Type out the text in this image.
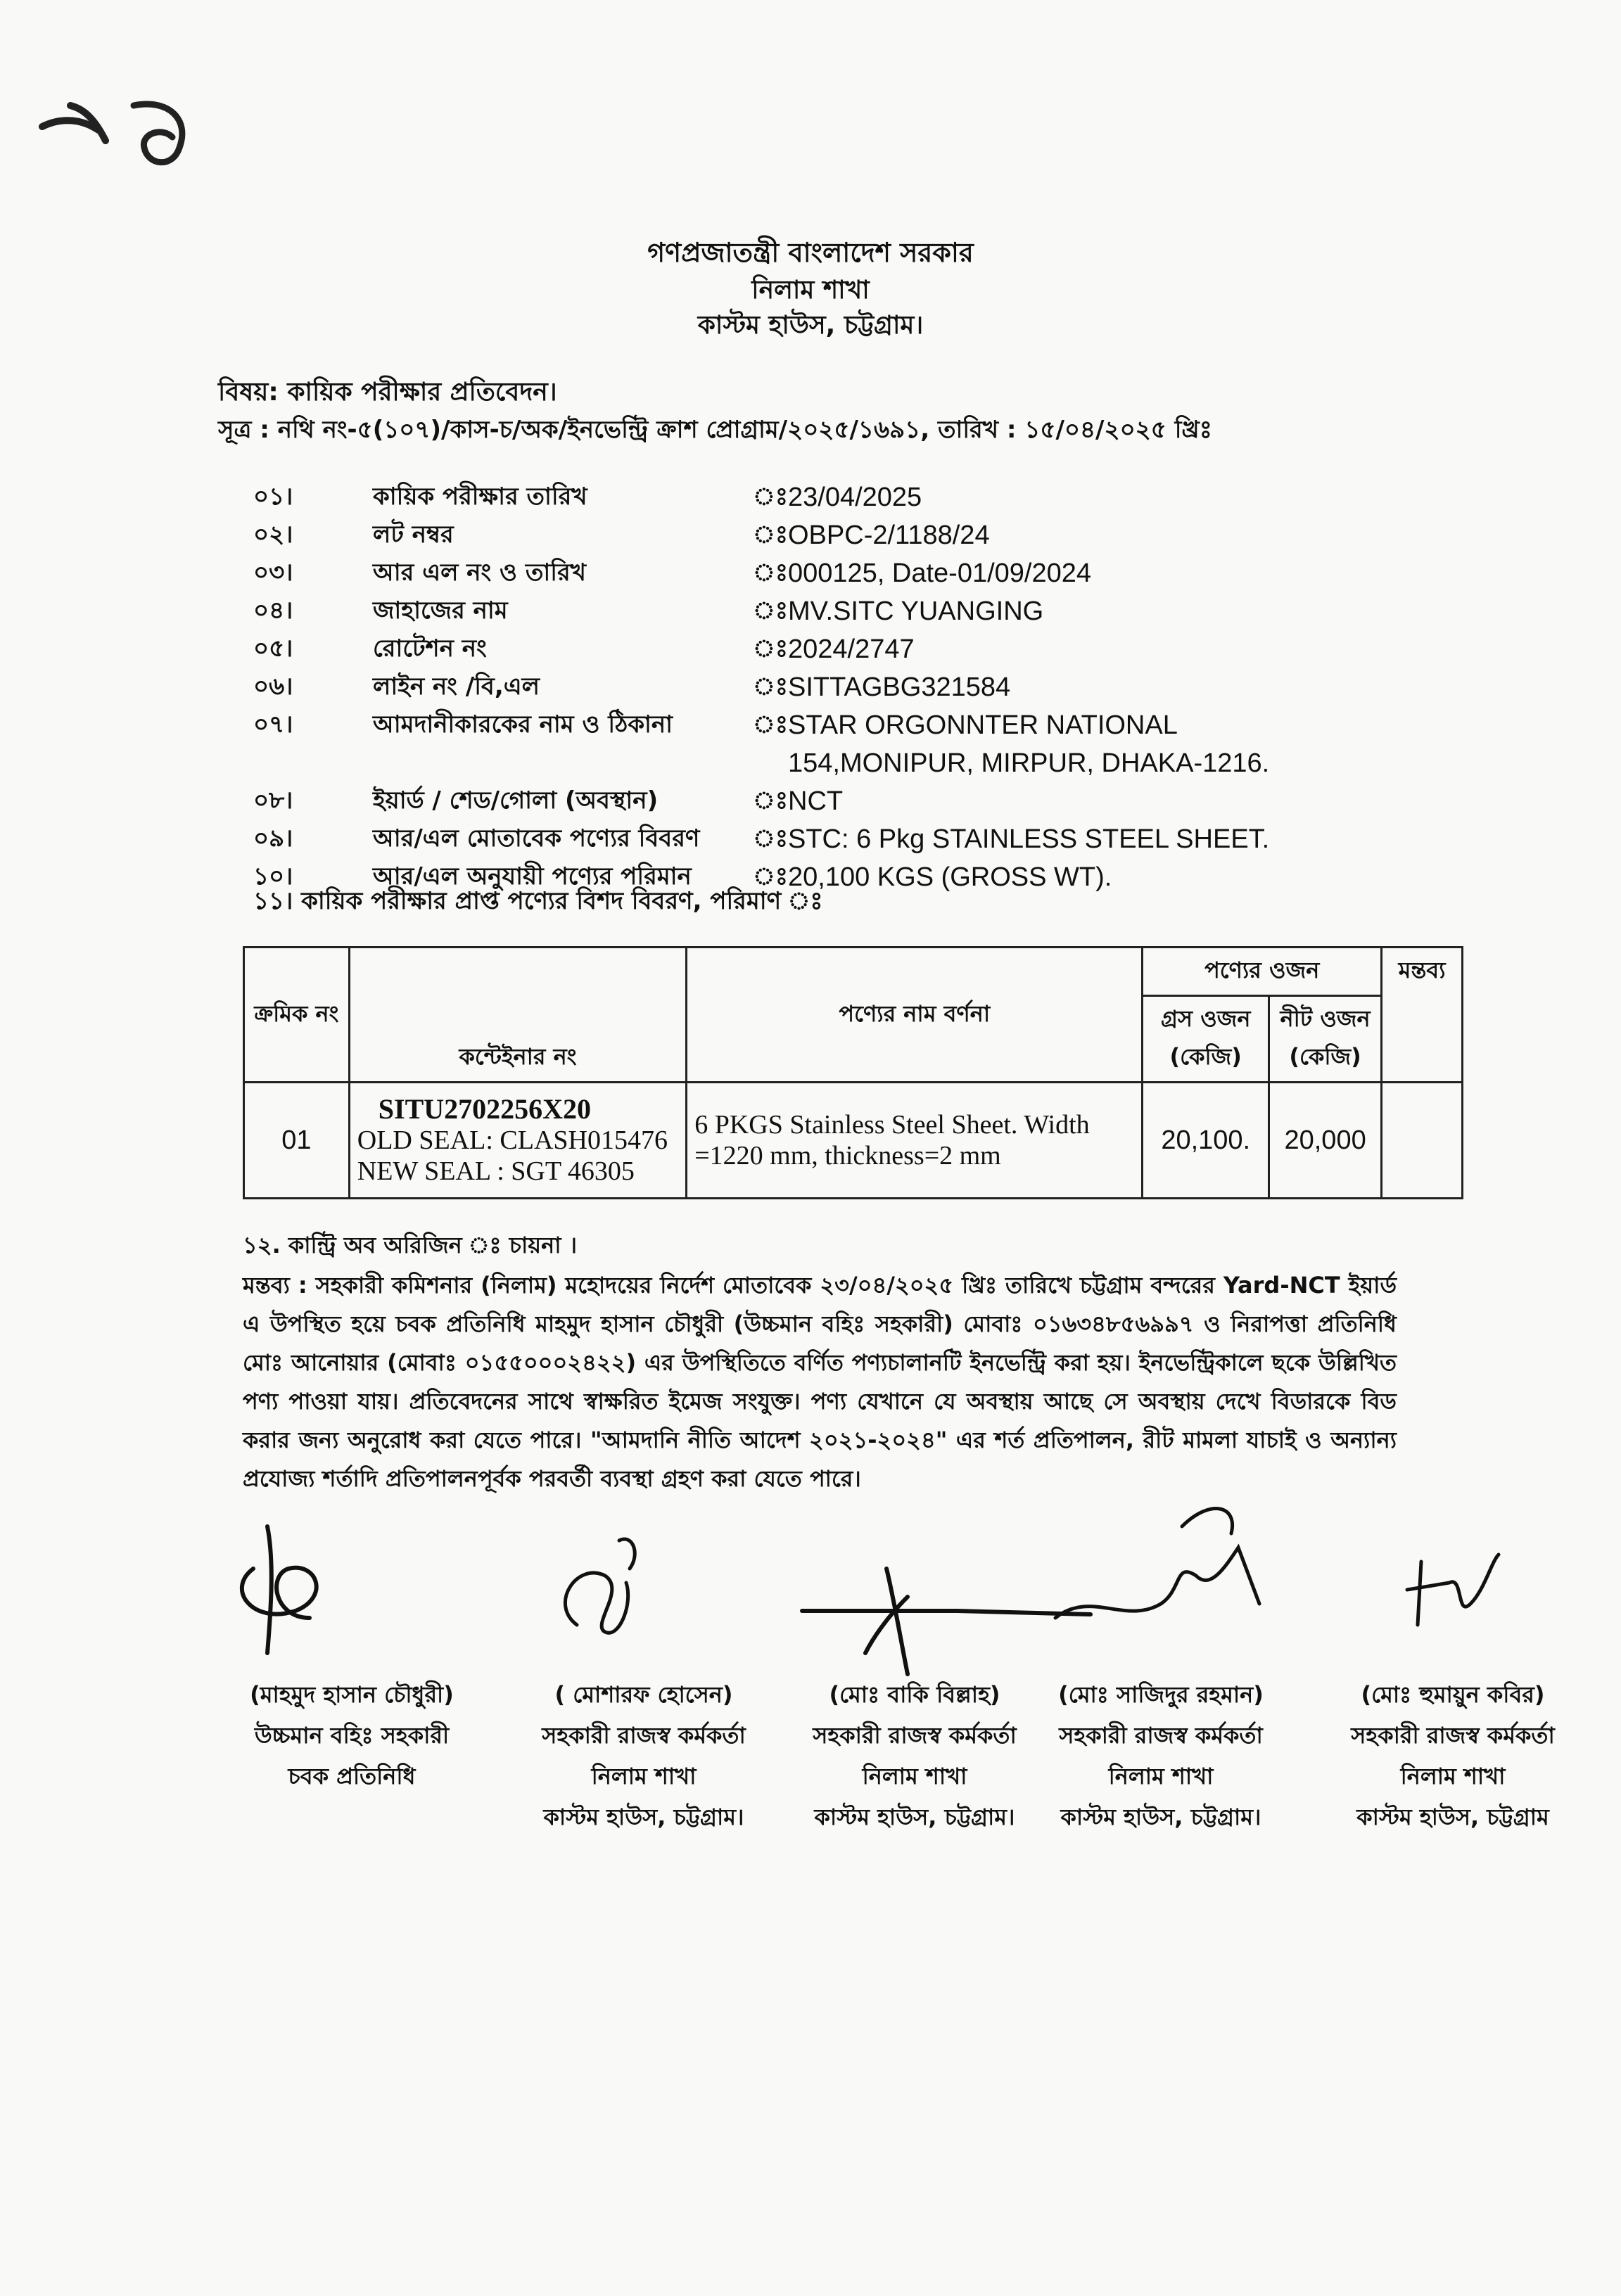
গণপ্রজাতন্ত্রী বাংলাদেশ সরকার
নিলাম শাখা
কাস্টম হাউস, চট্টগ্রাম।
বিষয়: কায়িক পরীক্ষার প্রতিবেদন।
সূত্র : নথি নং-৫(১০৭)/কাস-চ/অক/ইনভেন্ট্রি ক্রাশ প্রোগ্রাম/২০২৫/১৬৯১, তারিখ : ১৫/০৪/২০২৫ খ্রিঃ
০১।	কায়িক পরীক্ষার তারিখ	ঃ 23/04/2025
০২।	লট নম্বর	ঃ OBPC-2/1188/24
০৩।	আর এল নং ও তারিখ	ঃ 000125, Date-01/09/2024
০৪।	জাহাজের নাম	ঃ MV.SITC YUANGING
০৫।	রোটেশন নং	ঃ 2024/2747
০৬।	লাইন নং /বি,এল	ঃ SITTAGBG321584
০৭।	আমদানীকারকের নাম ও ঠিকানা	ঃ STAR ORGONNTER NATIONAL
154,MONIPUR, MIRPUR, DHAKA-1216.
০৮।	ইয়ার্ড / শেড/গোলা (অবস্থান)	ঃ NCT
০৯।	আর/এল মোতাবেক পণ্যের বিবরণ ঃ STC: 6 Pkg STAINLESS STEEL SHEET.
১০।	আর/এল অনুযায়ী পণ্যের পরিমান	ঃ 20,100 KGS (GROSS WT).
১১। কায়িক পরীক্ষার প্রাপ্ত পণ্যের বিশদ বিবরণ, পরিমাণ ঃ
ক্রমিক নং	কন্টেইনার নং	পণ্যের নাম বর্ণনা	পণ্যের ওজন		মন্তব্য
			গ্রস ওজন (কেজি)	নীট ওজন (কেজি)	
01	SITU2702256X20
OLD SEAL: CLASH015476
NEW SEAL : SGT 46305	6 PKGS Stainless Steel Sheet. Width =1220 mm, thickness=2 mm	20,100.	20,000	
১২. কান্ট্রি অব অরিজিন ঃ চায়না ।
মন্তব্য : সহকারী কমিশনার (নিলাম) মহোদয়ের নির্দেশ মোতাবেক ২৩/০৪/২০২৫ খ্রিঃ তারিখে চট্টগ্রাম বন্দরের Yard-NCT ইয়ার্ড এ উপস্থিত হয়ে চবক প্রতিনিধি মাহমুদ হাসান চৌধুরী (উচ্চমান বহিঃ সহকারী) মোবাঃ ০১৬৩৪৮৫৬৯৯৭ ও নিরাপত্তা প্রতিনিধি মোঃ আনোয়ার (মোবাঃ ০১৫৫০০০২৪২২) এর উপস্থিতিতে বর্ণিত পণ্যচালানটি ইনভেন্ট্রি করা হয়। ইনভেন্ট্রিকালে ছকে উল্লিখিত পণ্য পাওয়া যায়। প্রতিবেদনের সাথে স্বাক্ষরিত ইমেজ সংযুক্ত। পণ্য যেখানে যে অবস্থায় আছে সে অবস্থায় দেখে বিডারকে বিড করার জন্য অনুরোধ করা যেতে পারে। "আমদানি নীতি আদেশ ২০২১-২০২৪" এর শর্ত প্রতিপালন, রীট মামলা যাচাই ও অন্যান্য প্রযোজ্য শর্তাদি প্রতিপালনপূর্বক পরবর্তী ব্যবস্থা গ্রহণ করা যেতে পারে।
(মাহমুদ হাসান চৌধুরী)
উচ্চমান বহিঃ সহকারী
চবক প্রতিনিধি
( মোশারফ হোসেন)
সহকারী রাজস্ব কর্মকর্তা
নিলাম শাখা
কাস্টম হাউস, চট্টগ্রাম।
(মোঃ বাকি বিল্লাহ)
সহকারী রাজস্ব কর্মকর্তা
নিলাম শাখা
কাস্টম হাউস, চট্টগ্রাম।
(মোঃ সাজিদুর রহমান)
সহকারী রাজস্ব কর্মকর্তা
নিলাম শাখা
কাস্টম হাউস, চট্টগ্রাম।
(মোঃ হুমায়ুন কবির)
সহকারী রাজস্ব কর্মকর্তা
নিলাম শাখা
কাস্টম হাউস, চট্টগ্রাম
